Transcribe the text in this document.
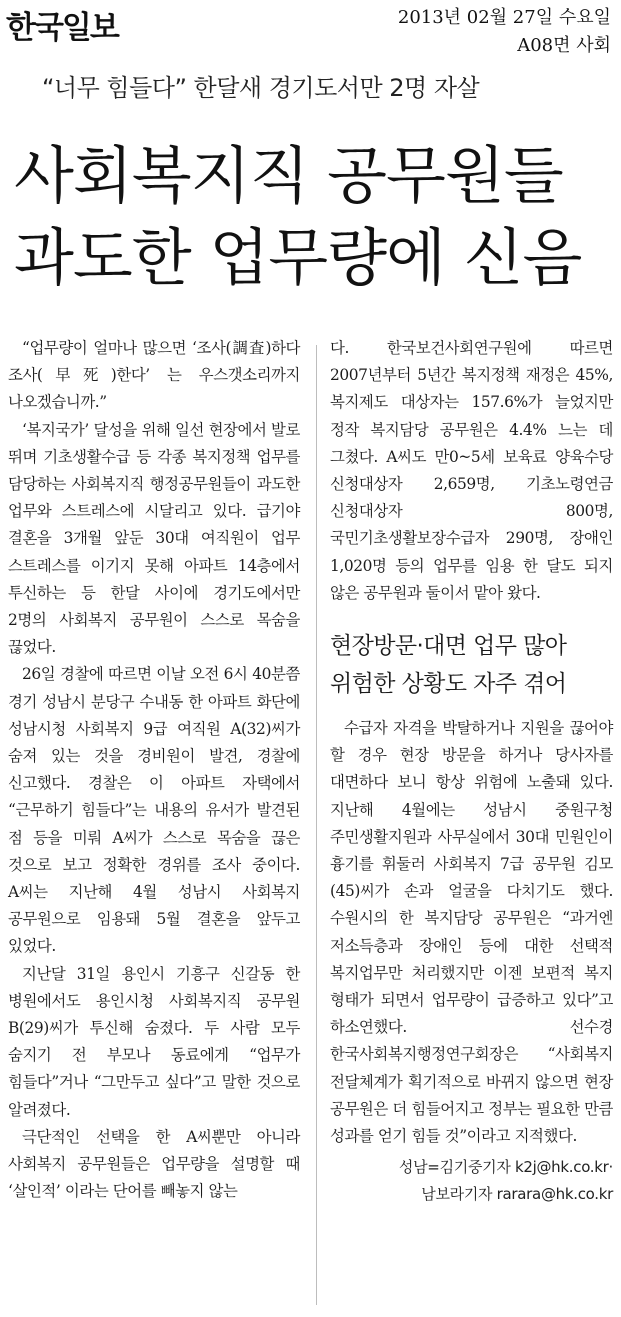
한국일보	2013년 02월 27일 수요일
A08면 사회
“너무 힘들다” 한달새 경기도서만 2명 자살
사회복지직 공무원들
과도한 업무량에 신음

“업무량이 얼마나 많으면 ‘조사(調査)하다 조사(早死)한다’ 는 우스갯소리까지 나오겠습니까.”

‘복지국가’ 달성을 위해 일선 현장에서 발로 뛰며 기초생활수급 등 각종 복지정책 업무를 담당하는 사회복지직 행정공무원들이 과도한 업무와 스트레스에 시달리고 있다. 급기야 결혼을 3개월 앞둔 30대 여직원이 업무 스트레스를 이기지 못해 아파트 14층에서 투신하는 등 한달 사이에 경기도에서만 2명의 사회복지 공무원이 스스로 목숨을 끊었다.

26일 경찰에 따르면 이날 오전 6시 40분쯤 경기 성남시 분당구 수내동 한 아파트 화단에 성남시청 사회복지 9급 여직원 A(32)씨가 숨져 있는 것을 경비원이 발견, 경찰에 신고했다. 경찰은 이 아파트 자택에서 “근무하기 힘들다”는 내용의 유서가 발견된 점 등을 미뤄 A씨가 스스로 목숨을 끊은 것으로 보고 정확한 경위를 조사 중이다. A씨는 지난해 4월 성남시 사회복지 공무원으로 임용돼 5월 결혼을 앞두고 있었다.

지난달 31일 용인시 기흥구 신갈동 한 병원에서도 용인시청 사회복지직 공무원 B(29)씨가 투신해 숨졌다. 두 사람 모두 숨지기 전 부모나 동료에게 “업무가 힘들다”거나 “그만두고 싶다”고 말한 것으로 알려졌다.

극단적인 선택을 한 A씨뿐만 아니라 사회복지 공무원들은 업무량을 설명할 때 ‘살인적’ 이라는 단어를 빼놓지 않는

다. 한국보건사회연구원에 따르면 2007년부터 5년간 복지정책 재정은 45%, 복지제도 대상자는 157.6%가 늘었지만 정작 복지담당 공무원은 4.4% 느는 데 그쳤다. A씨도 만0~5세 보육료 양육수당 신청대상자 2,659명, 기초노령연금 신청대상자 800명, 국민기초생활보장수급자 290명, 장애인 1,020명 등의 업무를 임용 한 달도 되지 않은 공무원과 둘이서 맡아 왔다.

현장방문·대면 업무 많아
위험한 상황도 자주 겪어

수급자 자격을 박탈하거나 지원을 끊어야 할 경우 현장 방문을 하거나 당사자를 대면하다 보니 항상 위험에 노출돼 있다. 지난해 4월에는 성남시 중원구청 주민생활지원과 사무실에서 30대 민원인이 흉기를 휘둘러 사회복지 7급 공무원 김모(45)씨가 손과 얼굴을 다치기도 했다. 수원시의 한 복지담당 공무원은 “과거엔 저소득층과 장애인 등에 대한 선택적 복지업무만 처리했지만 이젠 보편적 복지 형태가 되면서 업무량이 급증하고 있다”고 하소연했다. 선수경 한국사회복지행정연구회장은 “사회복지 전달체계가 획기적으로 바뀌지 않으면 현장 공무원은 더 힘들어지고 정부는 필요한 만큼 성과를 얻기 힘들 것”이라고 지적했다.

성남=김기중기자 k2j@hk.co.kr·
남보라기자 rarara@hk.co.kr
